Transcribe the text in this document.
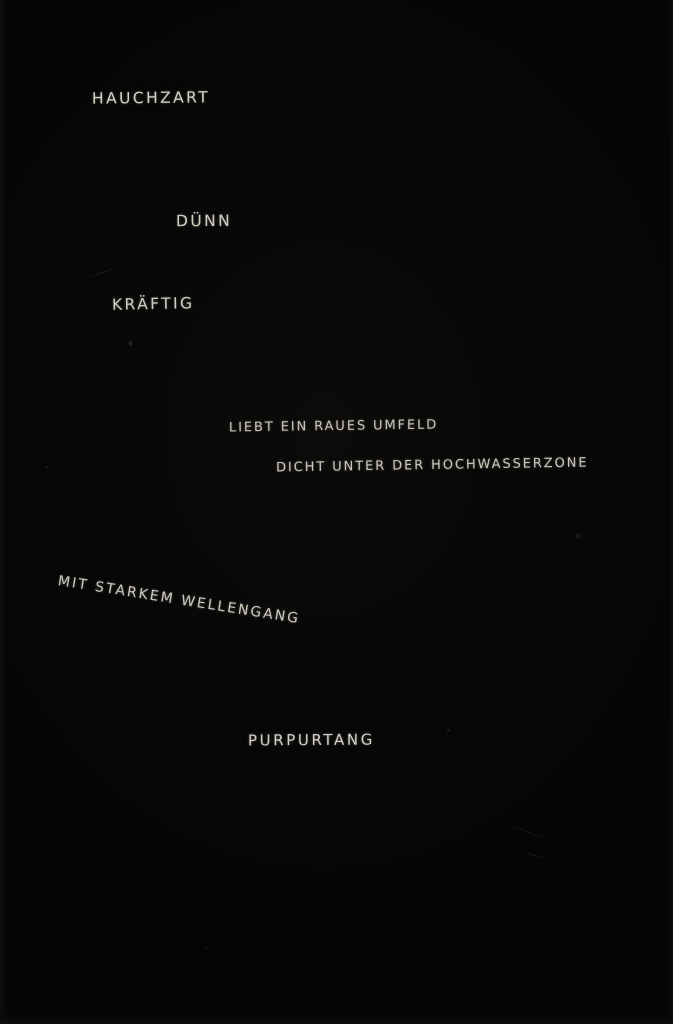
HAUCHZART
DÜNN
KRÄFTIG
LIEBT EIN RAUES UMFELD
DICHT UNTER DER HOCHWASSERZONE
MIT STARKEM WELLENGANG
PURPURTANG
